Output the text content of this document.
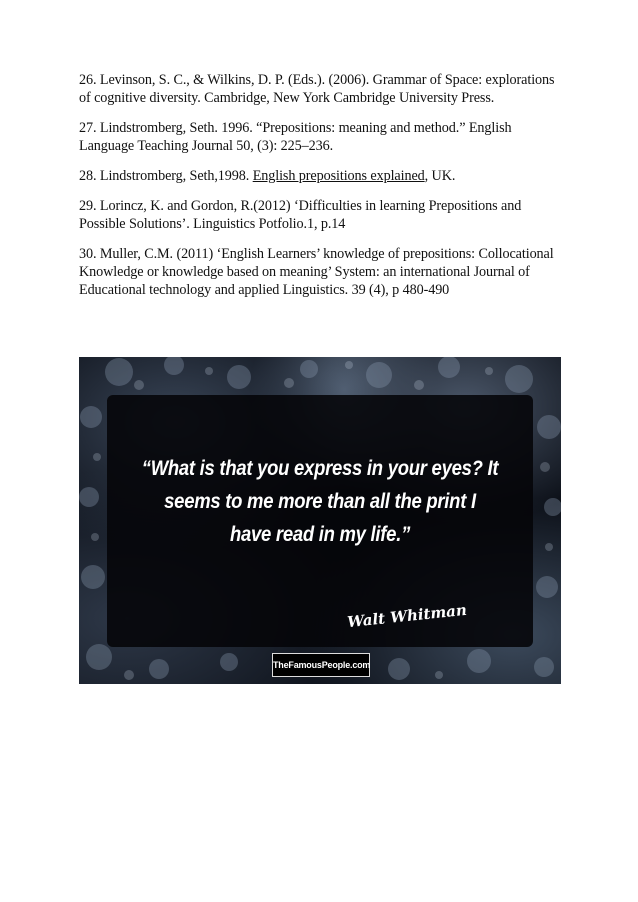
26. Levinson, S. C., & Wilkins, D. P. (Eds.). (2006). Grammar of Space: explorations of cognitive diversity. Cambridge, New York Cambridge University Press.

27. Lindstromberg, Seth. 1996. “Prepositions: meaning and method.” English Language Teaching Journal 50, (3): 225–236.

28. Lindstromberg, Seth,1998. English prepositions explained, UK.

29. Lorincz, K. and Gordon, R.(2012) ‘Difficulties in learning Prepositions and Possible Solutions’. Linguistics Potfolio.1, p.14

30. Muller, C.M. (2011) ‘English Learners’ knowledge of prepositions: Collocational Knowledge or knowledge based on meaning’ System: an international Journal of Educational technology and applied Linguistics. 39 (4), p 480-490

“What is that you express in your eyes? It
seems to me more than all the print I
have read in my life.”
Walt Whitman
TheFamousPeople.com
